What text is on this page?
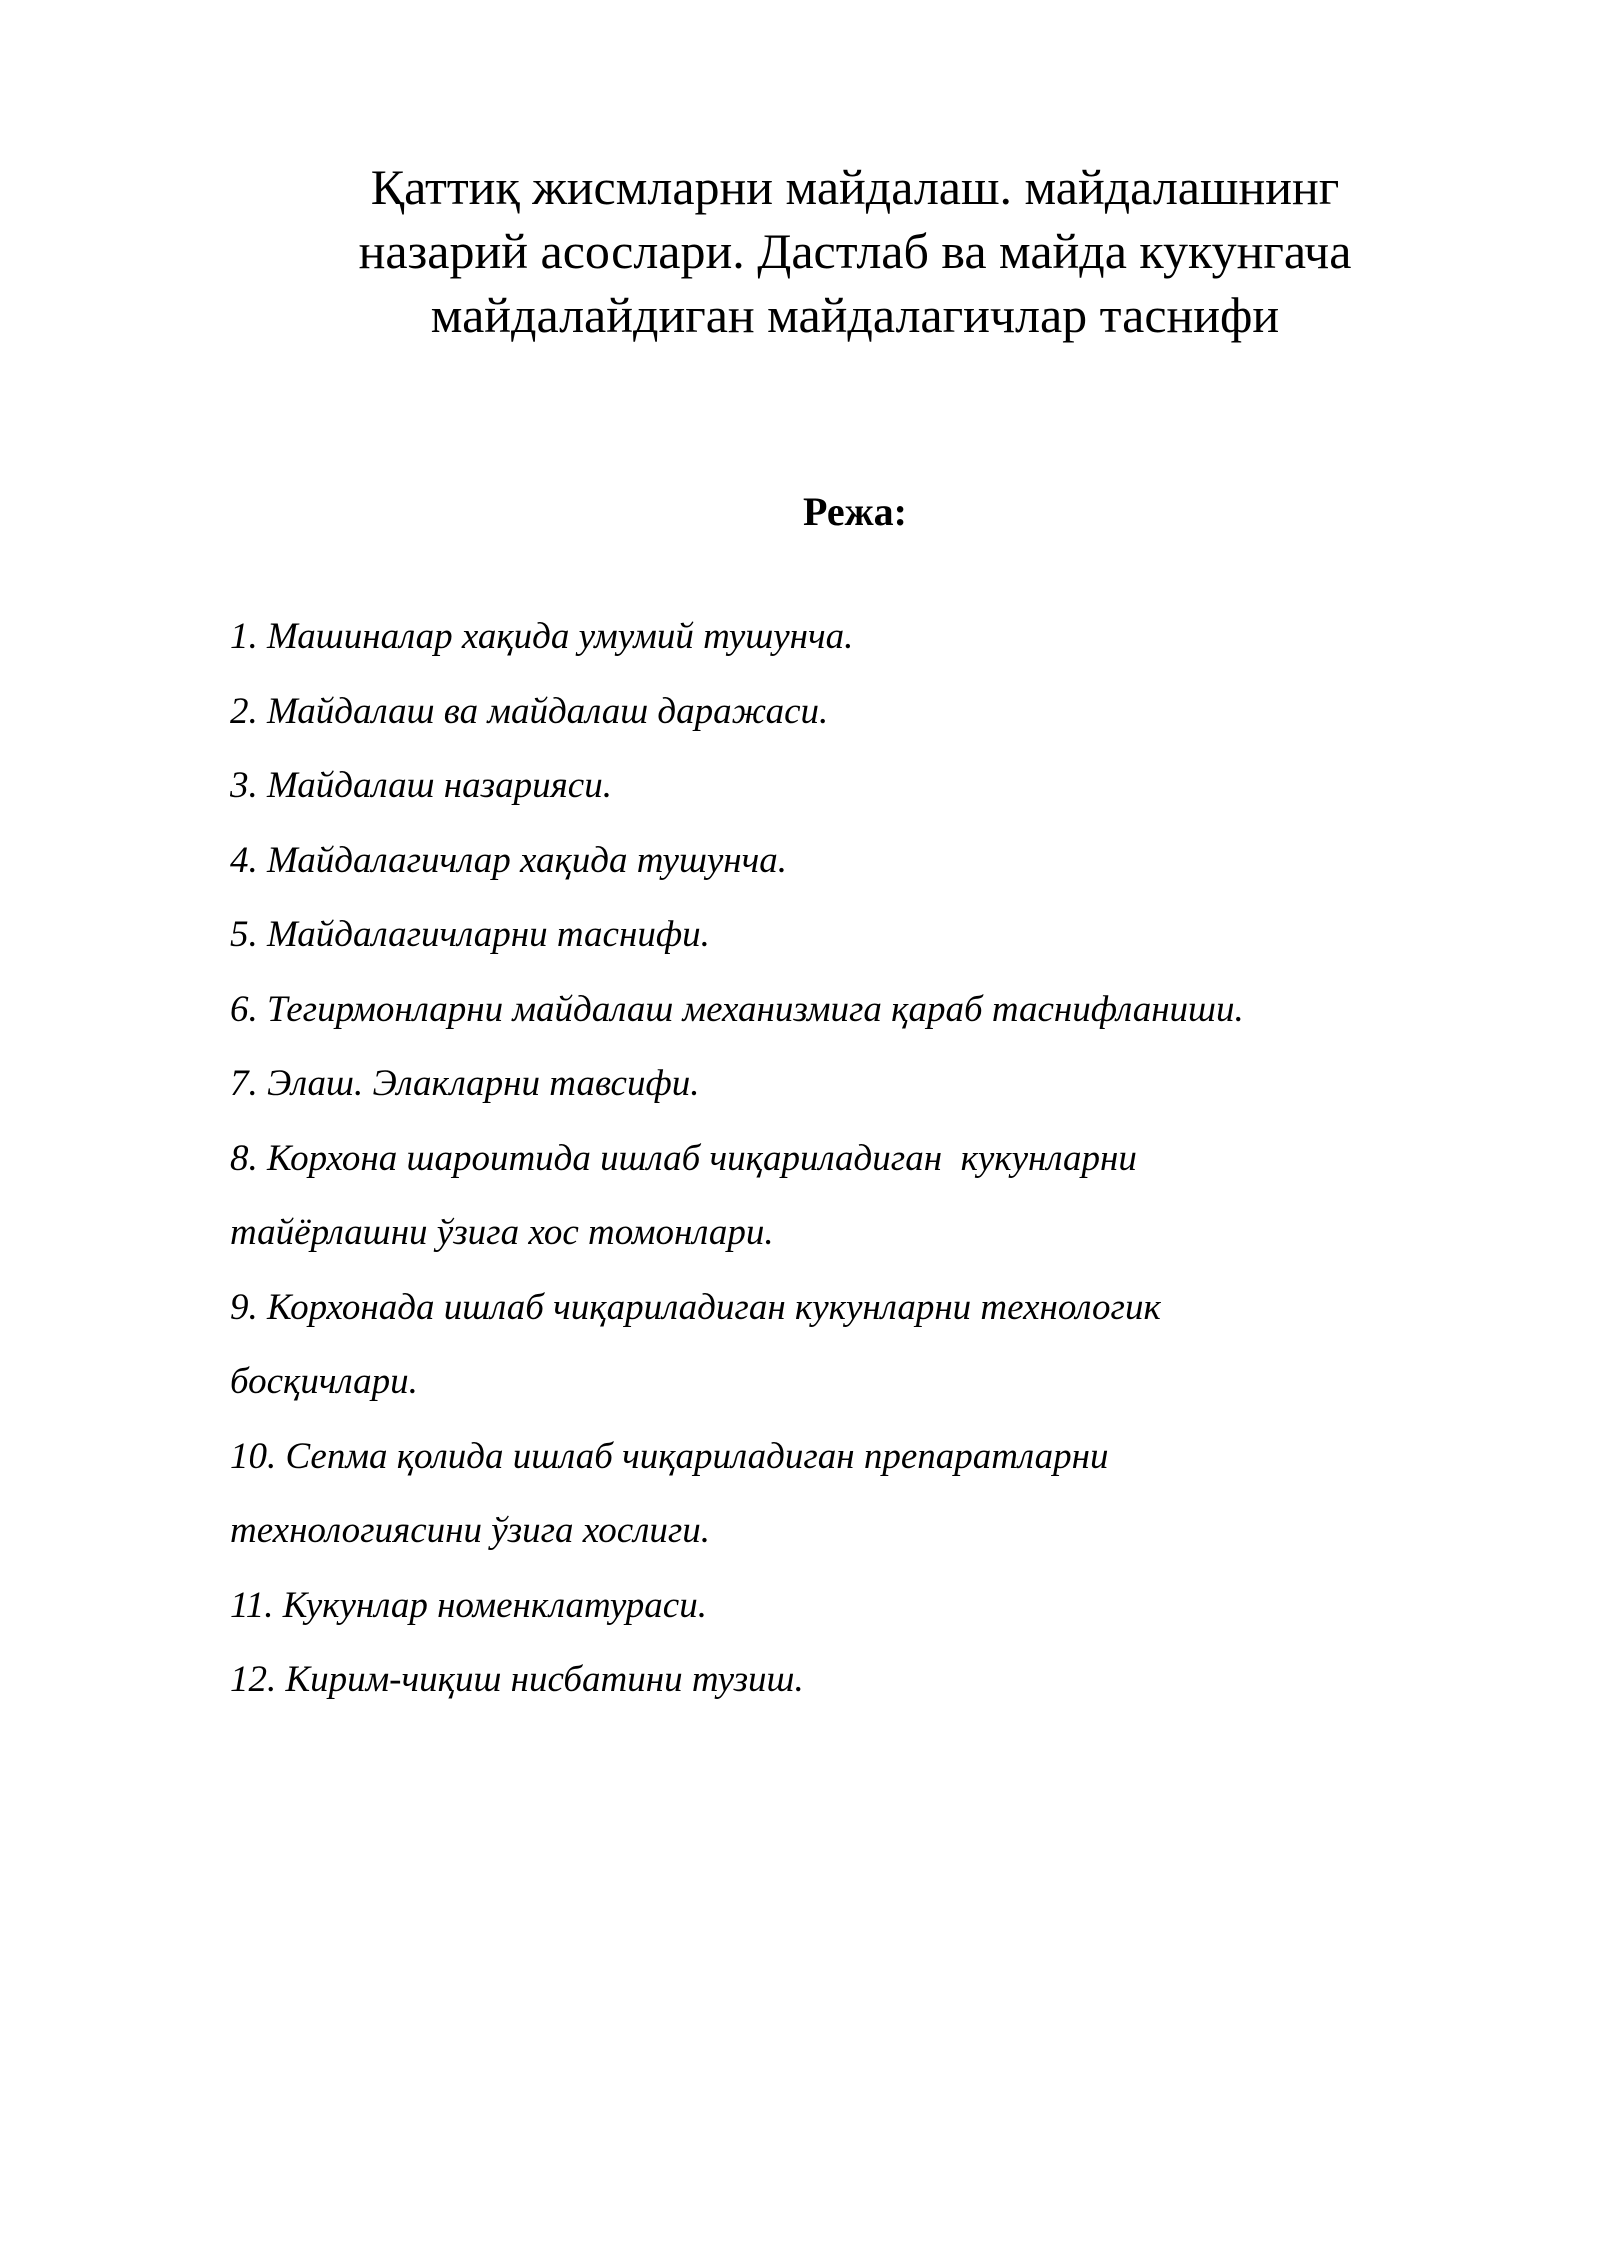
Қаттиқ жисмларни майдалаш. майдалашнинг
назарий асослари. Дастлаб ва майда кукунгача
майдалайдиган майдалагичлар таснифи
Режа:
1. Машиналар хақида умумий тушунча.
2. Майдалаш ва майдалаш даражаси.
3. Майдалаш назарияси.
4. Майдалагичлар хақида тушунча.
5. Майдалагичларни таснифи.
6. Тегирмонларни майдалаш механизмига қараб таснифланиши.
7. Элаш. Элакларни тавсифи.
8. Корхона шароитида ишлаб чиқариладиган  кукунларни
тайёрлашни ўзига хос томонлари.
9. Корхонада ишлаб чиқариладиган кукунларни технологик
босқичлари.
10. Сепма қолида ишлаб чиқариладиган препаратларни
технологиясини ўзига хослиги.
11. Кукунлар номенклатураси.
12. Кирим-чиқиш нисбатини тузиш.
